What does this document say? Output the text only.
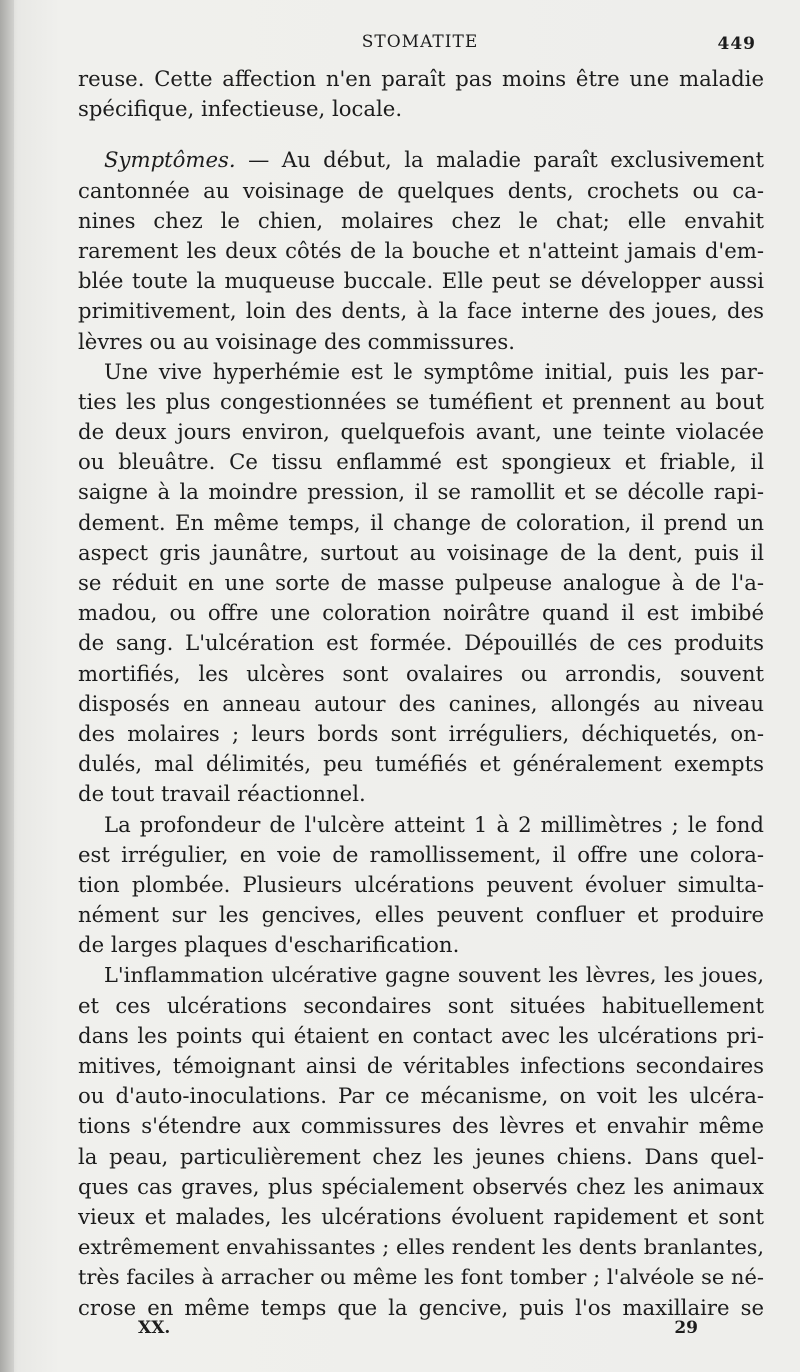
STOMATITE	449
reuse. Cette affection n'en paraît pas moins être une maladie
spécifique, infectieuse, locale.
Symptômes. — Au début, la maladie paraît exclusivement
cantonnée au voisinage de quelques dents, crochets ou ca-
nines chez le chien, molaires chez le chat; elle envahit
rarement les deux côtés de la bouche et n'atteint jamais d'em-
blée toute la muqueuse buccale. Elle peut se développer aussi
primitivement, loin des dents, à la face interne des joues, des
lèvres ou au voisinage des commissures.
Une vive hyperhémie est le symptôme initial, puis les par-
ties les plus congestionnées se tuméfient et prennent au bout
de deux jours environ, quelquefois avant, une teinte violacée
ou bleuâtre. Ce tissu enflammé est spongieux et friable, il
saigne à la moindre pression, il se ramollit et se décolle rapi-
dement. En même temps, il change de coloration, il prend un
aspect gris jaunâtre, surtout au voisinage de la dent, puis il
se réduit en une sorte de masse pulpeuse analogue à de l'a-
madou, ou offre une coloration noirâtre quand il est imbibé
de sang. L'ulcération est formée. Dépouillés de ces produits
mortifiés, les ulcères sont ovalaires ou arrondis, souvent
disposés en anneau autour des canines, allongés au niveau
des molaires ; leurs bords sont irréguliers, déchiquetés, on-
dulés, mal délimités, peu tuméfiés et généralement exempts
de tout travail réactionnel.
La profondeur de l'ulcère atteint 1 à 2 millimètres ; le fond
est irrégulier, en voie de ramollissement, il offre une colora-
tion plombée. Plusieurs ulcérations peuvent évoluer simulta-
nément sur les gencives, elles peuvent confluer et produire
de larges plaques d'escharification.
L'inflammation ulcérative gagne souvent les lèvres, les joues,
et ces ulcérations secondaires sont situées habituellement
dans les points qui étaient en contact avec les ulcérations pri-
mitives, témoignant ainsi de véritables infections secondaires
ou d'auto-inoculations. Par ce mécanisme, on voit les ulcéra-
tions s'étendre aux commissures des lèvres et envahir même
la peau, particulièrement chez les jeunes chiens. Dans quel-
ques cas graves, plus spécialement observés chez les animaux
vieux et malades, les ulcérations évoluent rapidement et sont
extrêmement envahissantes ; elles rendent les dents branlantes,
très faciles à arracher ou même les font tomber ; l'alvéole se né-
crose en même temps que la gencive, puis l'os maxillaire se
XX.	29
